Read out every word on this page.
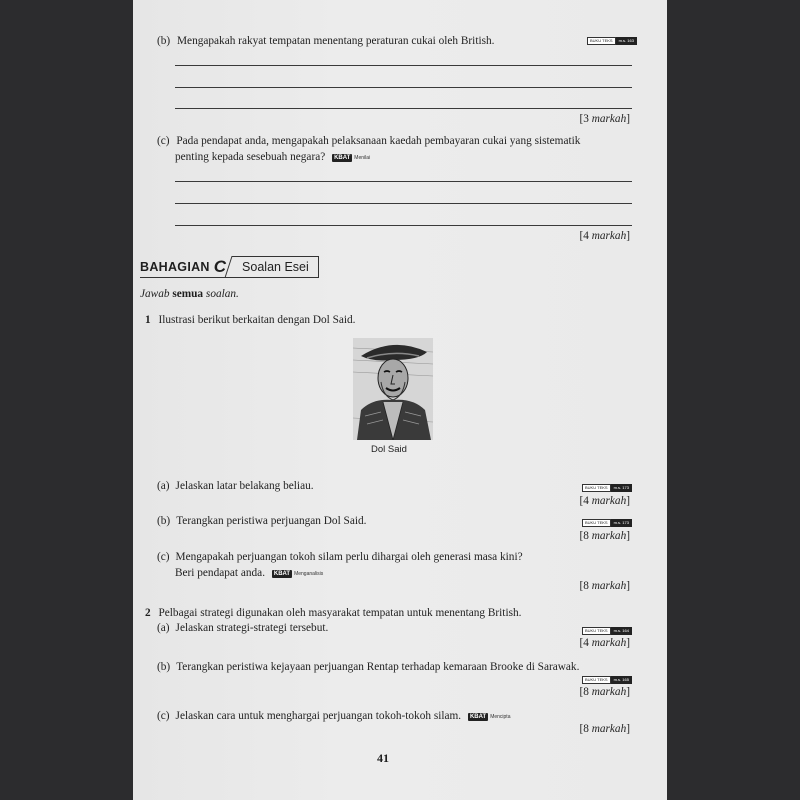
(b) Mengapakah rakyat tempatan menentang peraturan cukai oleh British.	BUKU TEKS	m.s. 163
[3 markah]
(c) Pada pendapat anda, mengapakah pelaksanaan kaedah pembayaran cukai yang sistematik
penting kepada sesebuah negara? KBAT Menilai
[4 markah]
BAHAGIAN C	Soalan Esei
Jawab semua soalan.
1 Ilustrasi berikut berkaitan dengan Dol Said.
Dol Said
(a) Jelaskan latar belakang beliau.	BUKU TEKS	m.s. 173
[4 markah]
(b) Terangkan peristiwa perjuangan Dol Said.	BUKU TEKS	m.s. 173
[8 markah]
(c) Mengapakah perjuangan tokoh silam perlu dihargai oleh generasi masa kini?
Beri pendapat anda. KBAT Menganalisis
[8 markah]
2 Pelbagai strategi digunakan oleh masyarakat tempatan untuk menentang British.
(a) Jelaskan strategi-strategi tersebut.	BUKU TEKS	m.s. 164
[4 markah]
(b) Terangkan peristiwa kejayaan perjuangan Rentap terhadap kemaraan Brooke di Sarawak.
BUKU TEKS	m.s. 165
[8 markah]
(c) Jelaskan cara untuk menghargai perjuangan tokoh-tokoh silam. KBAT Mencipta
[8 markah]
41
